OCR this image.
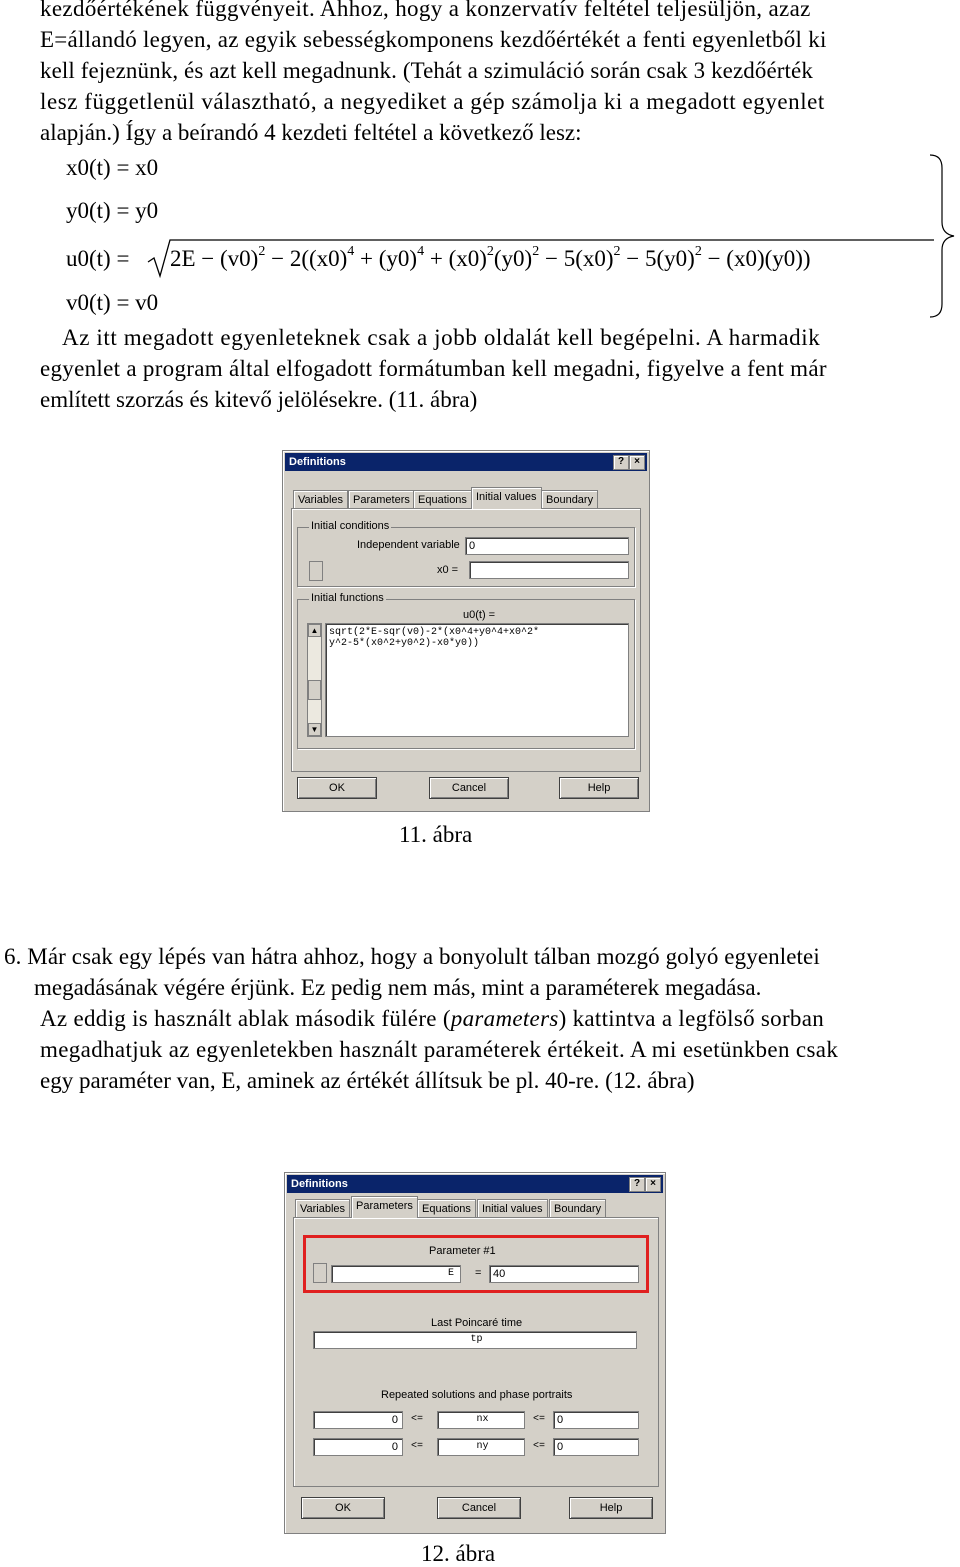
kezdőértékének függvényeit. Ahhoz, hogy a konzervatív feltétel teljesüljön, azaz
E=állandó legyen, az egyik sebességkomponens kezdőértékét a fenti egyenletből ki
kell fejeznünk, és azt kell megadnunk. (Tehát a szimuláció során csak 3 kezdőérték
lesz függetlenül választható, a negyediket a gép számolja ki a megadott egyenlet
alapján.) Így a beírandó 4 kezdeti feltétel a következő lesz:
x0(t) = x0
y0(t) = y0
$u0(t) = 2E - (v0)^2 - 2((x0)^4 + (y0)^4 + (x0)^2(y0)^2 - 5(x0)^2 - 5(y0)^2 - (x0)(y0))$
v0(t) = v0
Az itt megadott egyenleteknek csak a jobb oldalát kell begépelni. A harmadik
egyenlet a program által elfogadott formátumban kell megadni, figyelve a fent már
említett szorzás és kitevő jelölésekre. (11. ábra)
Definitions	?	×
Variables Parameters Equations Initial values Boundary
Initial conditions
Independent variable 0
x0 =
Initial functions
u0(t) =
▲
▼
sqrt(2*E-sqr(v0)-2*(x0^4+y0^4+x0^2*
y^2-5*(x0^2+y0^2)-x0*y0))
OK	Cancel	Help
11. ábra
6. Már csak egy lépés van hátra ahhoz, hogy a bonyolult tálban mozgó golyó egyenletei
megadásának végére érjünk. Ez pedig nem más, mint a paraméterek megadása.
Az eddig is használt ablak második fülére (parameters) kattintva a legfölső sorban
megadhatjuk az egyenletekben használt paraméterek értékeit. A mi esetünkben csak
egy paraméter van, E, aminek az értékét állítsuk be pl. 40-re. (12. ábra)
Definitions	?	×
Variables Parameters Equations	Initial values	Boundary
Parameter #1
E	=	40
Last Poincaré time
tp
Repeated solutions and phase portraits
0	<=	nx	<=	0
0	<=	ny	<=	0
OK	Cancel	Help
12. ábra
